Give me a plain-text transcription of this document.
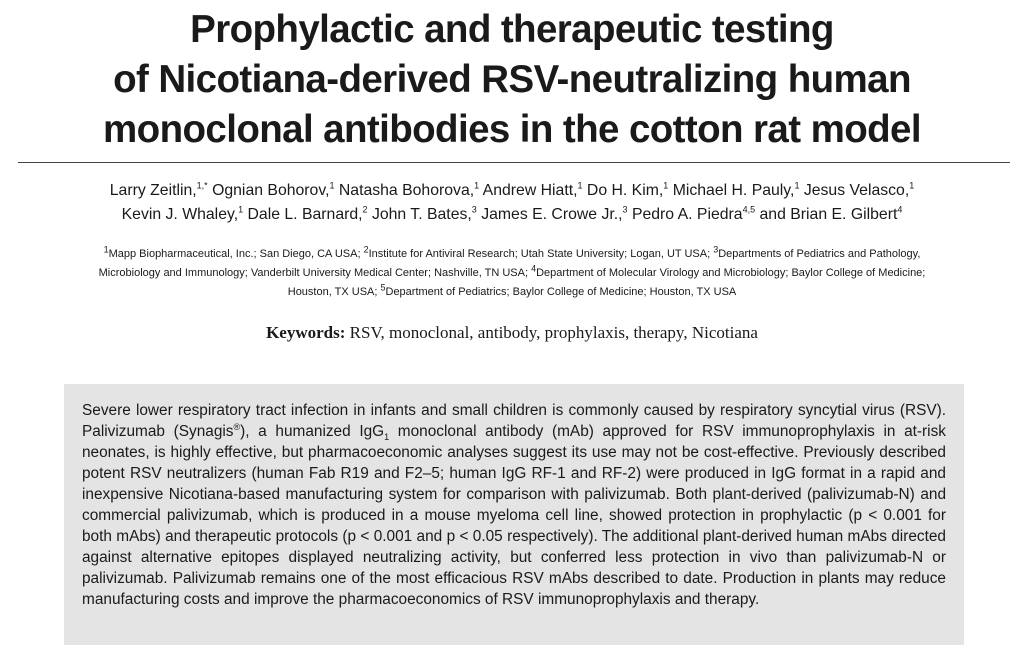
Prophylactic and therapeutic testing
of Nicotiana-derived RSV-neutralizing human
monoclonal antibodies in the cotton rat model
Larry Zeitlin,$^{1,*}$ Ognian Bohorov,$^1$ Natasha Bohorova,$^1$ Andrew Hiatt,$^1$ Do H. Kim,$^1$ Michael H. Pauly,$^1$ Jesus Velasco,$^1$
Kevin J. Whaley,$^1$ Dale L. Barnard,$^2$ John T. Bates,$^3$ James E. Crowe Jr.,$^3$ Pedro A. Piedra$^{4,5}$ and Brian E. Gilbert$^4$
$^1$Mapp Biopharmaceutical, Inc.; San Diego, CA USA; $^2$Institute for Antiviral Research; Utah State University; Logan, UT USA; $^3$Departments of Pediatrics and Pathology,
Microbiology and Immunology; Vanderbilt University Medical Center; Nashville, TN USA; $^4$Department of Molecular Virology and Microbiology; Baylor College of Medicine;
Houston, TX USA; $^5$Department of Pediatrics; Baylor College of Medicine; Houston, TX USA
Keywords: RSV, monoclonal, antibody, prophylaxis, therapy, Nicotiana
Severe lower respiratory tract infection in infants and small children is commonly caused by respiratory syncytial virus (RSV). Palivizumab (Synagis®), a humanized IgG$_1$ monoclonal antibody (mAb) approved for RSV immunoprophylaxis in at-risk neonates, is highly effective, but pharmacoeconomic analyses suggest its use may not be cost-effective. Previously described potent RSV neutralizers (human Fab R19 and F2–5; human IgG RF-1 and RF-2) were produced in IgG format in a rapid and inexpensive Nicotiana-based manufacturing system for comparison with palivizumab. Both plant-derived (palivizumab-N) and commercial palivizumab, which is produced in a mouse myeloma cell line, showed protection in prophylactic (p < 0.001 for both mAbs) and therapeutic protocols (p < 0.001 and p < 0.05 respectively). The additional plant-derived human mAbs directed against alternative epitopes displayed neutralizing activity, but conferred less protection in vivo than palivizumab-N or palivizumab. Palivizumab remains one of the most efficacious RSV mAbs described to date. Production in plants may reduce manufacturing costs and improve the pharmacoeconomics of RSV immunoprophylaxis and therapy.
